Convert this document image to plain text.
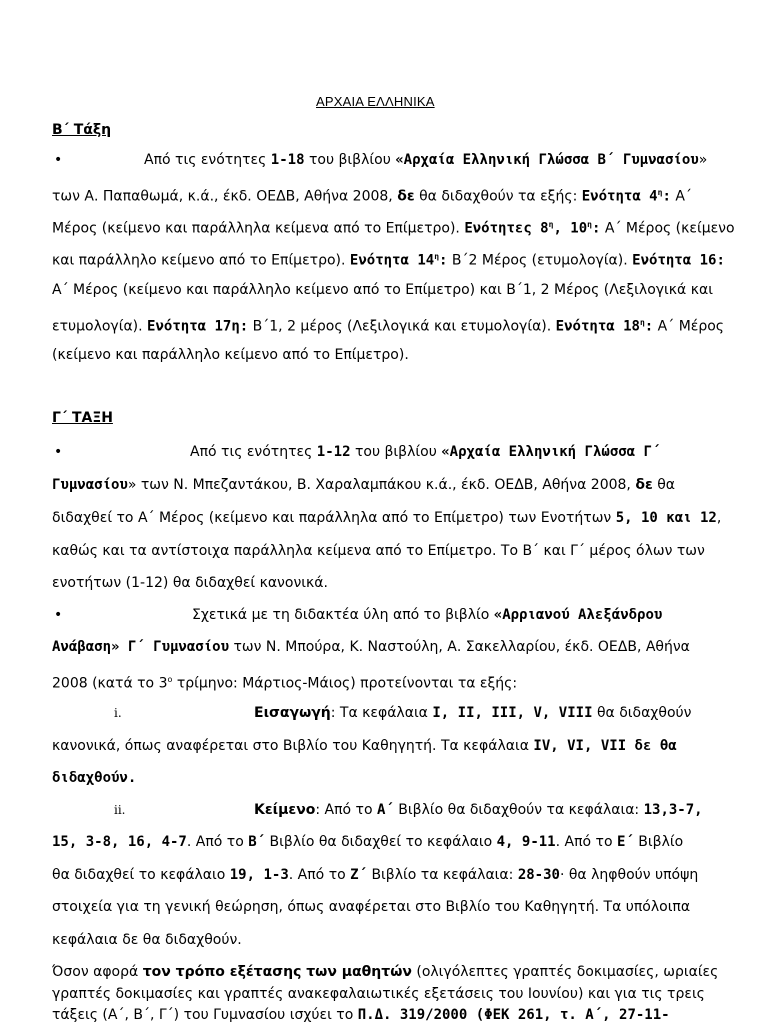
ΑΡΧΑΙΑ ΕΛΛΗΝΙΚΑ
Β΄ Τάξη
•	Από τις ενότητες 1-18 του βιβλίου «Αρχαία Ελληνική Γλώσσα Β΄ Γυμνασίου»
των Α. Παπαθωμά, κ.ά., έκδ. ΟΕΔΒ, Αθήνα 2008, δε θα διδαχθούν τα εξής: Ενότητα $4^\eta$: Α΄
Μέρος (κείμενο και παράλληλα κείμενα από το Επίμετρο). Ενότητες $8^\eta$, $10^\eta$: Α΄ Μέρος (κείμενο
και παράλληλο κείμενο από το Επίμετρο). Ενότητα $14^\eta$: Β΄2 Μέρος (ετυμολογία). Ενότητα 16:
Α΄ Μέρος (κείμενο και παράλληλο κείμενο από το Επίμετρο) και Β΄1, 2 Μέρος (Λεξιλογικά και
ετυμολογία). Ενότητα 17η: Β΄1, 2 μέρος (Λεξιλογικά και ετυμολογία). Ενότητα $18^\eta$: Α΄ Μέρος
(κείμενο και παράλληλο κείμενο από το Επίμετρο).
Γ΄ ΤΑΞΗ
•	Από τις ενότητες 1-12 του βιβλίου «Αρχαία Ελληνική Γλώσσα Γ΄
Γυμνασίου» των Ν. Μπεζαντάκου, Β. Χαραλαμπάκου κ.ά., έκδ. ΟΕΔΒ, Αθήνα 2008, δε θα
διδαχθεί το Α΄ Μέρος (κείμενο και παράλληλα από το Επίμετρο) των Ενοτήτων 5, 10 και 12,
καθώς και τα αντίστοιχα παράλληλα κείμενα από το Επίμετρο. Το Β΄ και Γ΄ μέρος όλων των
ενοτήτων (1-12) θα διδαχθεί κανονικά.
•	Σχετικά με τη διδακτέα ύλη από το βιβλίο «Αρριανού Αλεξάνδρου
Ανάβαση» Γ΄ Γυμνασίου των Ν. Μπούρα, Κ. Ναστούλη, Α. Σακελλαρίου, έκδ. ΟΕΔΒ, Αθήνα
2008 (κατά το $3^o$ τρίμηνο: Μάρτιος-Μάιος) προτείνονται τα εξής:
i.	Εισαγωγή: Τα κεφάλαια Ι, ΙΙ, ΙΙΙ, V, VIII θα διδαχθούν
κανονικά, όπως αναφέρεται στο Βιβλίο του Καθηγητή. Τα κεφάλαια IV, VI, VII δε θα
διδαχθούν.
ii.	Κείμενο: Από το Α΄ Βιβλίο θα διδαχθούν τα κεφάλαια: 13,3-7,
15, 3-8, 16, 4-7. Από το Β΄ Βιβλίο θα διδαχθεί το κεφάλαιο 4, 9-11. Από το Ε΄ Βιβλίο
θα διδαχθεί το κεφάλαιο 19, 1-3. Από το Ζ΄ Βιβλίο τα κεφάλαια: 28-30· θα ληφθούν υπόψη
στοιχεία για τη γενική θεώρηση, όπως αναφέρεται στο Βιβλίο του Καθηγητή. Τα υπόλοιπα
κεφάλαια δε θα διδαχθούν.
Όσον αφορά τον τρόπο εξέτασης των μαθητών (ολιγόλεπτες γραπτές δοκιμασίες, ωριαίες
γραπτές δοκιμασίες και γραπτές ανακεφαλαιωτικές εξετάσεις του Ιουνίου) και για τις τρεις
τάξεις (Α΄, Β΄, Γ΄) του Γυμνασίου ισχύει το Π.Δ. 319/2000 (ΦΕΚ 261, τ. Α΄, 27-11-
